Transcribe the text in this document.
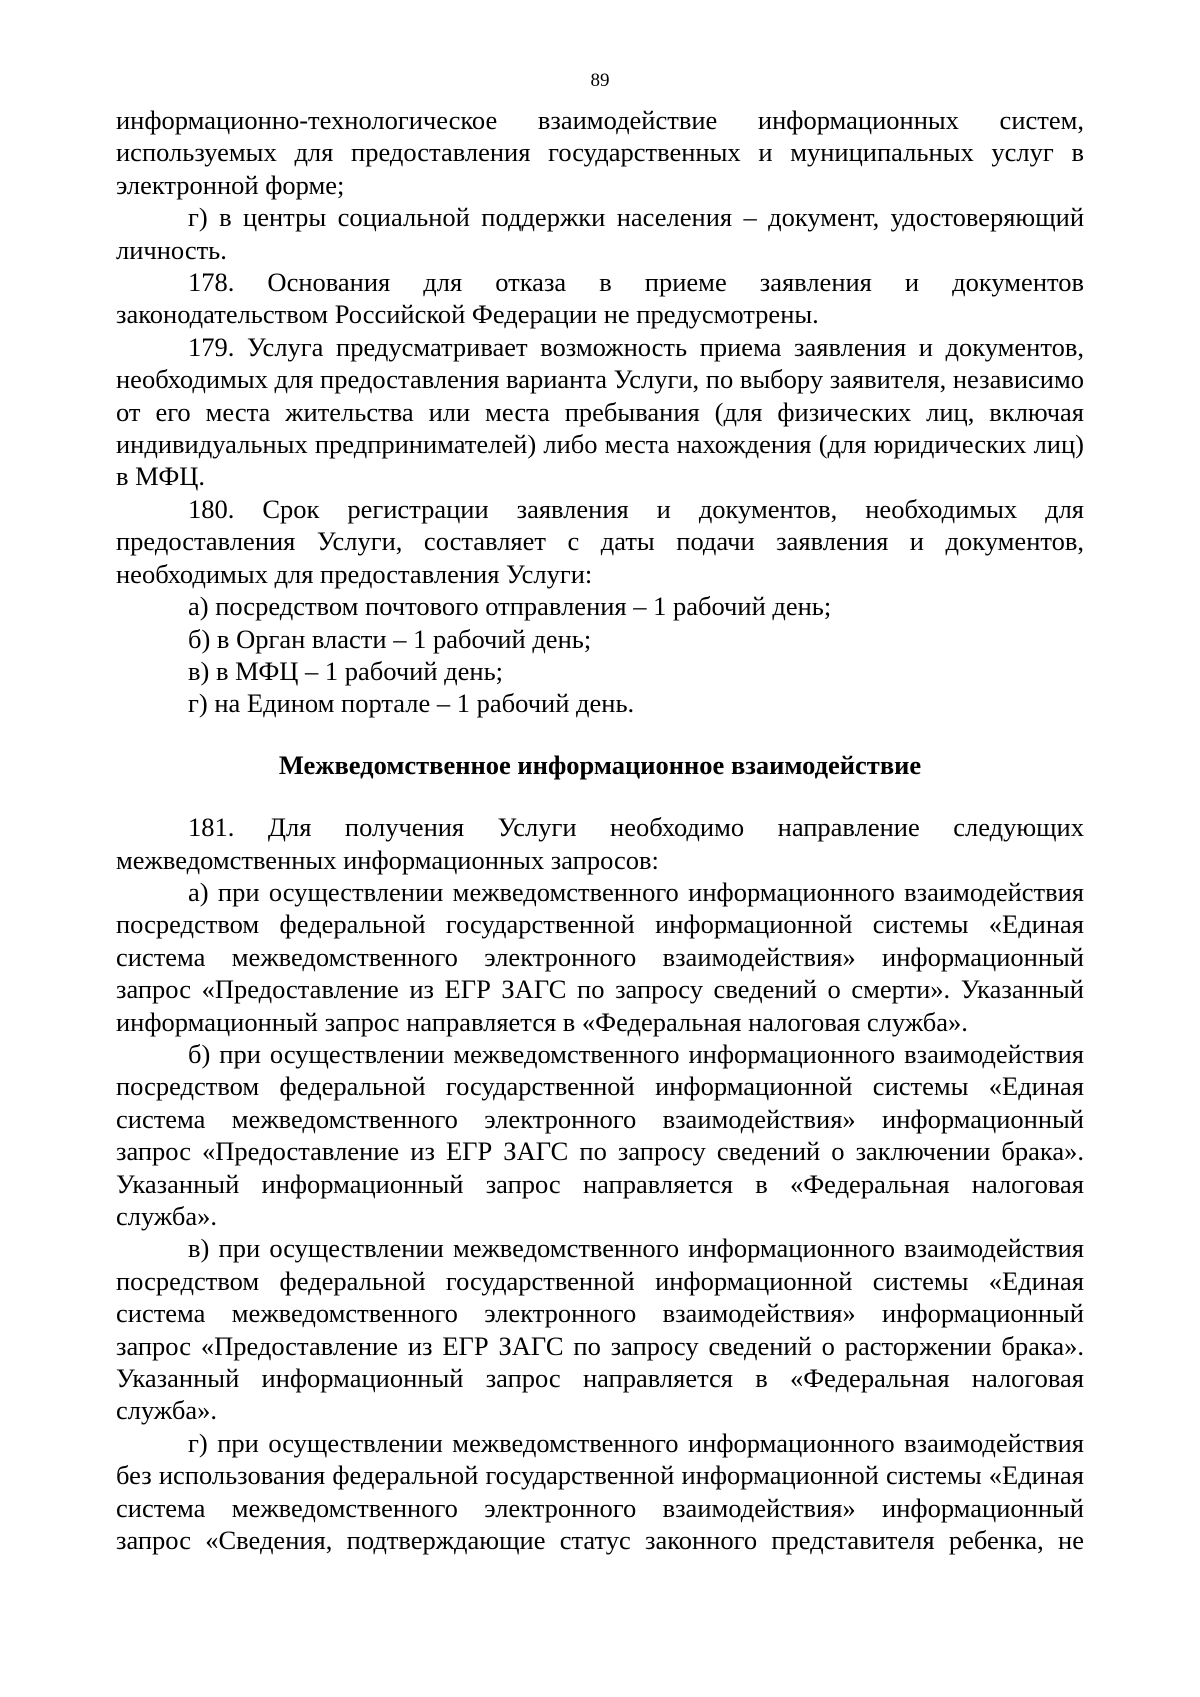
89

информационно-технологическое взаимодействие информационных систем, используемых для предоставления государственных и муниципальных услуг в электронной форме;

г) в центры социальной поддержки населения – документ, удостоверяющий личность.

178. Основания для отказа в приеме заявления и документов законодательством Российской Федерации не предусмотрены.

179. Услуга предусматривает возможность приема заявления и документов, необходимых для предоставления варианта Услуги, по выбору заявителя, независимо от его места жительства или места пребывания (для физических лиц, включая индивидуальных предпринимателей) либо места нахождения (для юридических лиц) в МФЦ.

180. Срок регистрации заявления и документов, необходимых для предоставления Услуги, составляет с даты подачи заявления и документов, необходимых для предоставления Услуги:

а) посредством почтового отправления – 1 рабочий день;

б) в Орган власти – 1 рабочий день;

в) в МФЦ – 1 рабочий день;

г) на Едином портале – 1 рабочий день.

Межведомственное информационное взаимодействие

181. Для получения Услуги необходимо направление следующих межведомственных информационных запросов:

а) при осуществлении межведомственного информационного взаимодействия посредством федеральной государственной информационной системы «Единая система межведомственного электронного взаимодействия» информационный запрос «Предоставление из ЕГР ЗАГС по запросу сведений о смерти». Указанный информационный запрос направляется в «Федеральная налоговая служба».

б) при осуществлении межведомственного информационного взаимодействия посредством федеральной государственной информационной системы «Единая система межведомственного электронного взаимодействия» информационный запрос «Предоставление из ЕГР ЗАГС по запросу сведений о заключении брака». Указанный информационный запрос направляется в «Федеральная налоговая служба».

в) при осуществлении межведомственного информационного взаимодействия посредством федеральной государственной информационной системы «Единая система межведомственного электронного взаимодействия» информационный запрос «Предоставление из ЕГР ЗАГС по запросу сведений о расторжении брака». Указанный информационный запрос направляется в «Федеральная налоговая служба».

г) при осуществлении межведомственного информационного взаимодействия без использования федеральной государственной информационной системы «Единая система межведомственного электронного взаимодействия» информационный запрос «Сведения, подтверждающие статус законного представителя ребенка, не
